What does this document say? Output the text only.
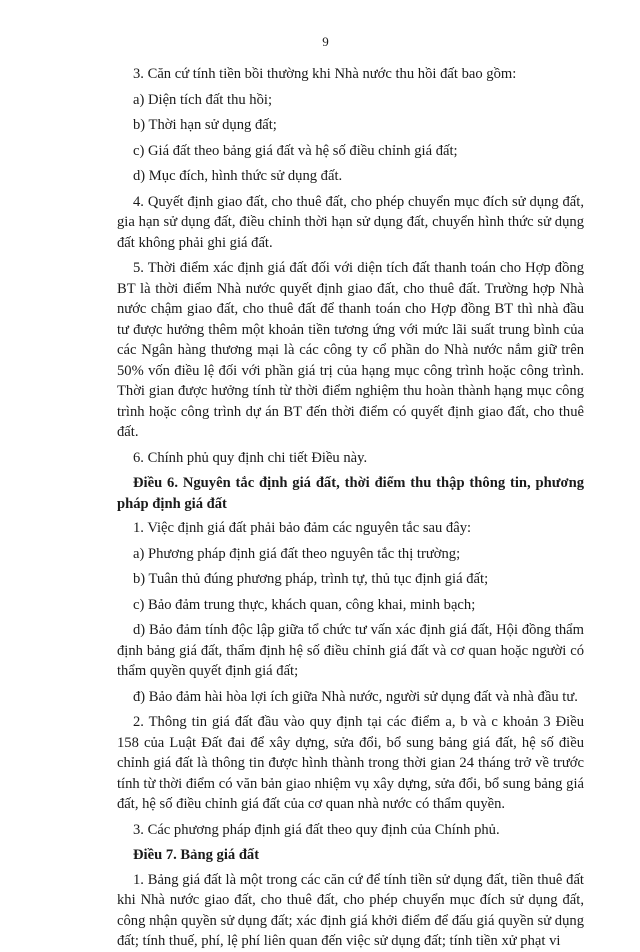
9

3. Căn cứ tính tiền bồi thường khi Nhà nước thu hồi đất bao gồm:

a) Diện tích đất thu hồi;

b) Thời hạn sử dụng đất;

c) Giá đất theo bảng giá đất và hệ số điều chỉnh giá đất;

d) Mục đích, hình thức sử dụng đất.

4. Quyết định giao đất, cho thuê đất, cho phép chuyển mục đích sử dụng đất, gia hạn sử dụng đất, điều chỉnh thời hạn sử dụng đất, chuyển hình thức sử dụng đất không phải ghi giá đất.

5. Thời điểm xác định giá đất đối với diện tích đất thanh toán cho Hợp đồng BT là thời điểm Nhà nước quyết định giao đất, cho thuê đất. Trường hợp Nhà nước chậm giao đất, cho thuê đất để thanh toán cho Hợp đồng BT thì nhà đầu tư được hưởng thêm một khoản tiền tương ứng với mức lãi suất trung bình của các Ngân hàng thương mại là các công ty cổ phần do Nhà nước nắm giữ trên 50% vốn điều lệ đối với phần giá trị của hạng mục công trình hoặc công trình. Thời gian được hưởng tính từ thời điểm nghiệm thu hoàn thành hạng mục công trình hoặc công trình dự án BT đến thời điểm có quyết định giao đất, cho thuê đất.

6. Chính phủ quy định chi tiết Điều này.

Điều 6. Nguyên tắc định giá đất, thời điểm thu thập thông tin, phương pháp định giá đất

1. Việc định giá đất phải bảo đảm các nguyên tắc sau đây:

a) Phương pháp định giá đất theo nguyên tắc thị trường;

b) Tuân thủ đúng phương pháp, trình tự, thủ tục định giá đất;

c) Bảo đảm trung thực, khách quan, công khai, minh bạch;

d) Bảo đảm tính độc lập giữa tổ chức tư vấn xác định giá đất, Hội đồng thẩm định bảng giá đất, thẩm định hệ số điều chỉnh giá đất và cơ quan hoặc người có thẩm quyền quyết định giá đất;

đ) Bảo đảm hài hòa lợi ích giữa Nhà nước, người sử dụng đất và nhà đầu tư.

2. Thông tin giá đất đầu vào quy định tại các điểm a, b và c khoản 3 Điều 158 của Luật Đất đai để xây dựng, sửa đổi, bổ sung bảng giá đất, hệ số điều chỉnh giá đất là thông tin được hình thành trong thời gian 24 tháng trở về trước tính từ thời điểm có văn bản giao nhiệm vụ xây dựng, sửa đổi, bổ sung bảng giá đất, hệ số điều chỉnh giá đất của cơ quan nhà nước có thẩm quyền.

3. Các phương pháp định giá đất theo quy định của Chính phủ.

Điều 7. Bảng giá đất

1. Bảng giá đất là một trong các căn cứ để tính tiền sử dụng đất, tiền thuê đất khi Nhà nước giao đất, cho thuê đất, cho phép chuyển mục đích sử dụng đất, công nhận quyền sử dụng đất; xác định giá khởi điểm để đấu giá quyền sử dụng đất; tính thuế, phí, lệ phí liên quan đến việc sử dụng đất; tính tiền xử phạt vi
